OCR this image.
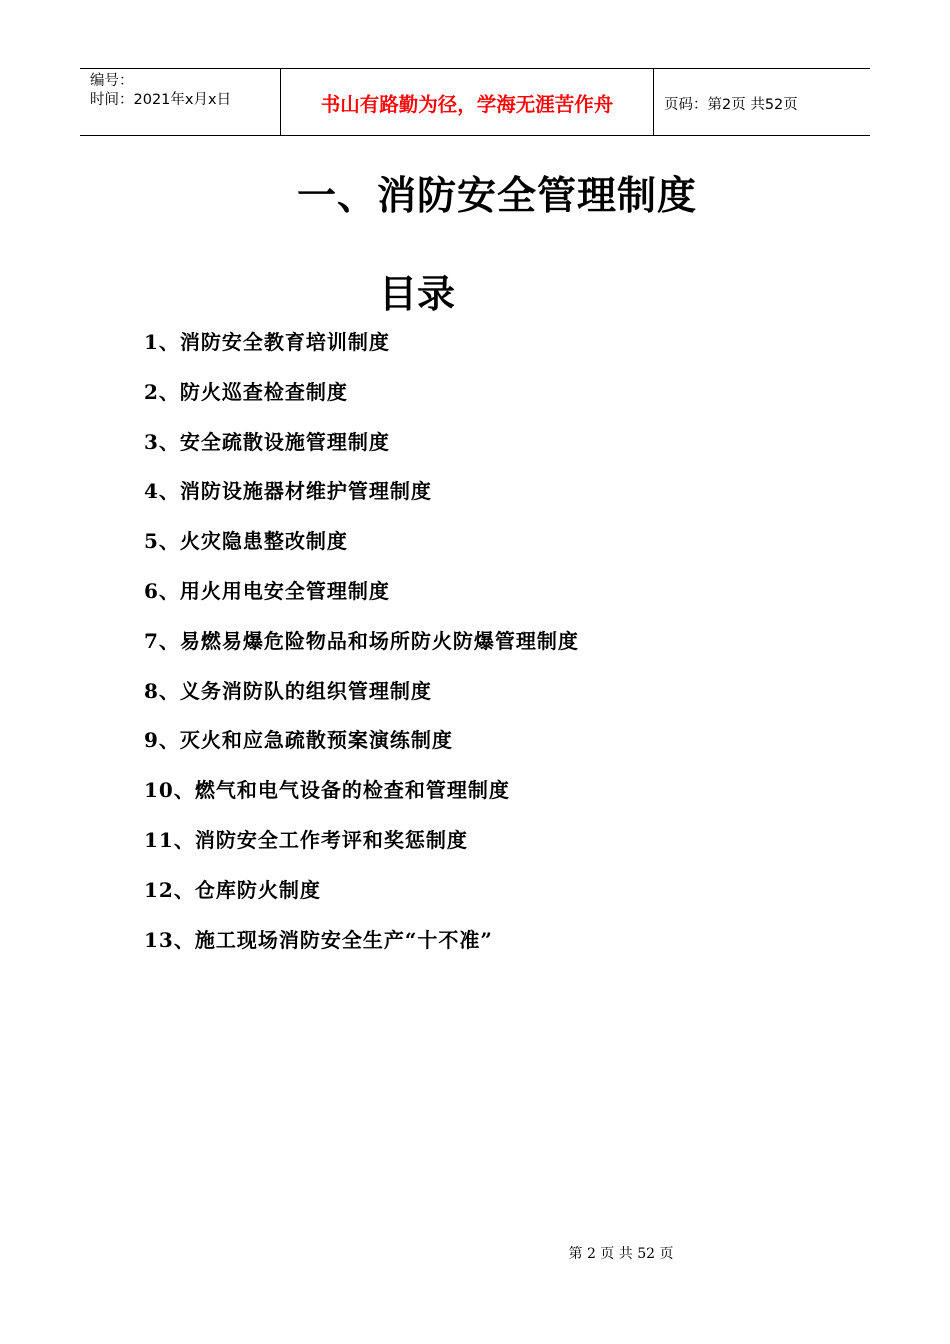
编号：
时间：2021年x月x日	书山有路勤为径，学海无涯苦作舟	页码：第2页 共52页
一、消防安全管理制度
目录
1、消防安全教育培训制度
2、防火巡查检查制度
3、安全疏散设施管理制度
4、消防设施器材维护管理制度
5、火灾隐患整改制度
6、用火用电安全管理制度
7、易燃易爆危险物品和场所防火防爆管理制度
8、义务消防队的组织管理制度
9、灭火和应急疏散预案演练制度
10、燃气和电气设备的检查和管理制度
11、消防安全工作考评和奖惩制度
12、仓库防火制度
13、施工现场消防安全生产“十不准”
第 2 页 共 52 页
